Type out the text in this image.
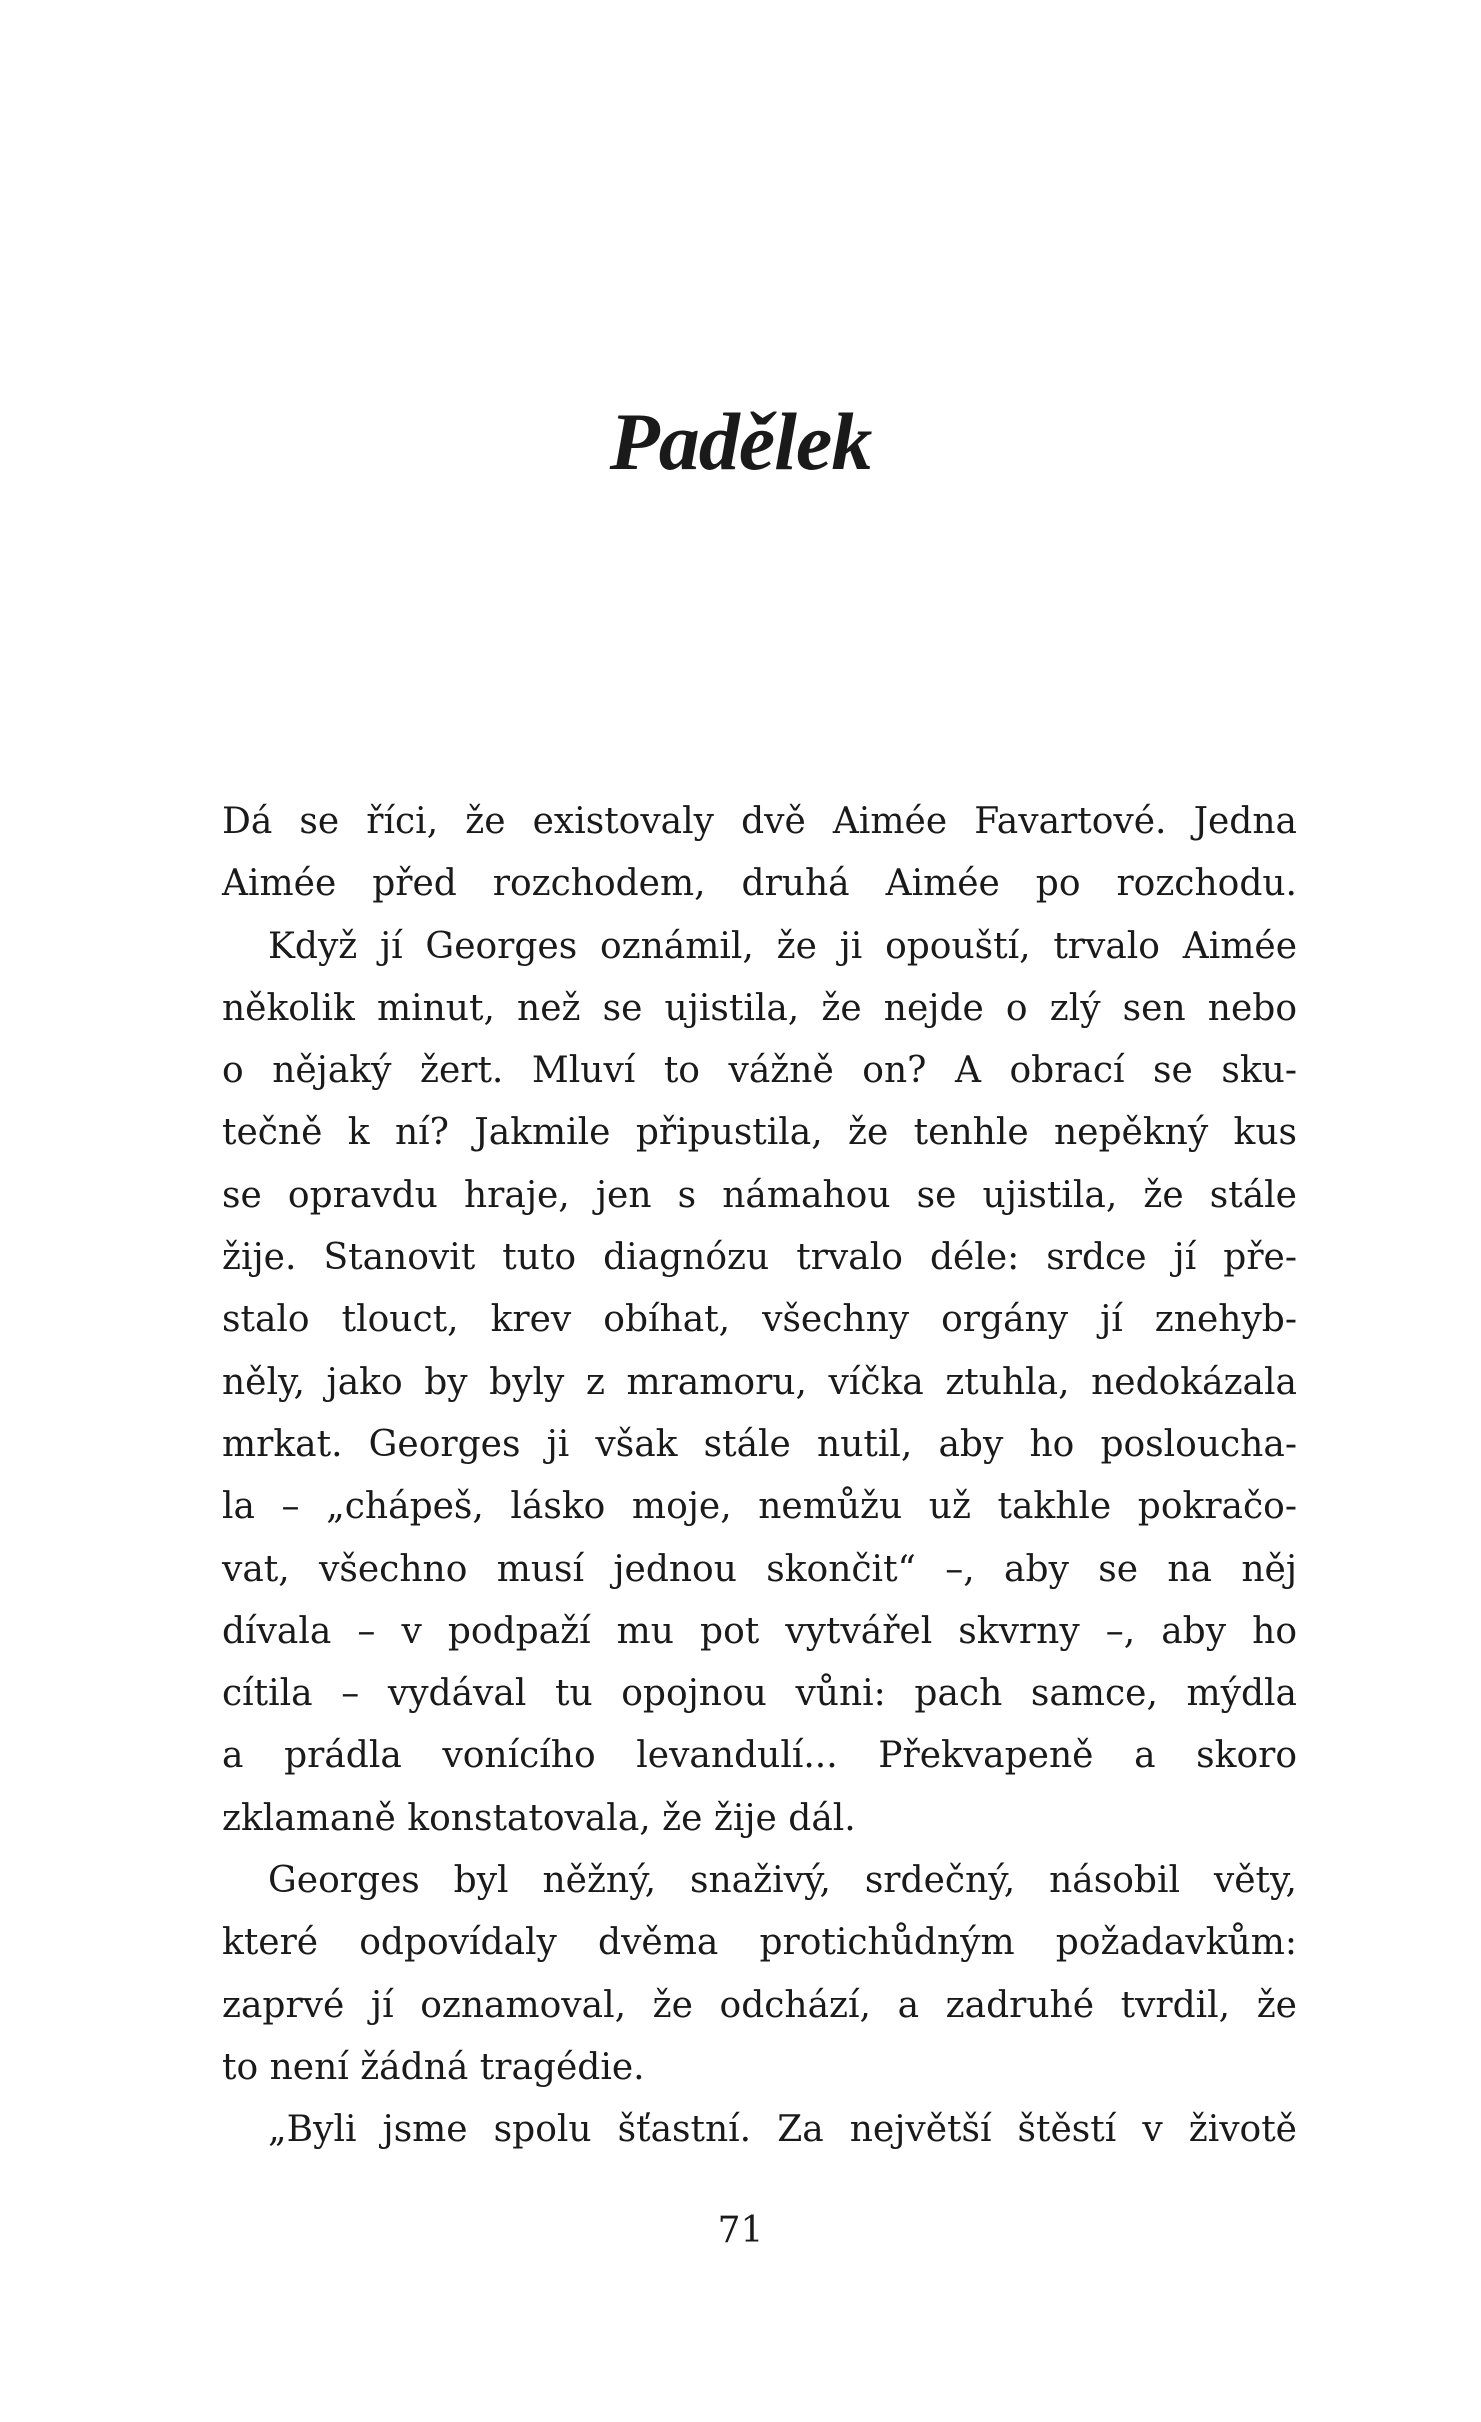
Padělek
Dá se říci, že existovaly dvě Aimée Favartové. Jedna
Aimée před rozchodem, druhá Aimée po rozchodu.
Když jí Georges oznámil, že ji opouští, trvalo Aimée
několik minut, než se ujistila, že nejde o zlý sen nebo
o nějaký žert. Mluví to vážně on? A obrací se sku-
tečně k ní? Jakmile připustila, že tenhle nepěkný kus
se opravdu hraje, jen s námahou se ujistila, že stále
žije. Stanovit tuto diagnózu trvalo déle: srdce jí pře-
stalo tlouct, krev obíhat, všechny orgány jí znehyb-
něly, jako by byly z mramoru, víčka ztuhla, nedokázala
mrkat. Georges ji však stále nutil, aby ho poslouchа-
la – „chápeš, lásko moje, nemůžu už takhle pokračo-
vat, všechno musí jednou skončit“ –, aby se na něj
dívala – v podpaží mu pot vytvářel skvrny –, aby ho
cítila – vydával tu opojnou vůni: pach samce, mýdla
a prádla vonícího levandulí... Překvapeně a skoro
zklamaně konstatovala, že žije dál.
Georges byl něžný, snaživý, srdečný, násobil věty,
které odpovídaly dvěma protichůdným požadavkům:
zaprvé jí oznamoval, že odchází, a zadruhé tvrdil, že
to není žádná tragédie.
„Byli jsme spolu šťastní. Za největší štěstí v životě
71
